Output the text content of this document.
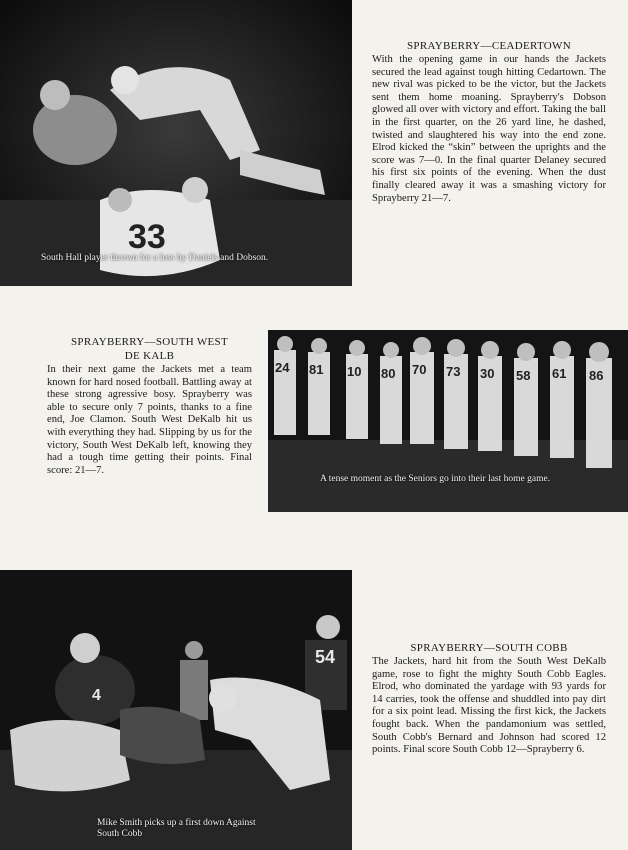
33
South Hall player thrown for a loss by Daniels and Dobson.
SPRAYBERRY—CEADERTOWN

With the opening game in our hands the Jackets secured the lead against tough hitting Cedartown. The new rival was picked to be the victor, but the Jackets sent them home moaning. Sprayberry's Dobson glowed all over with victory and effort. Taking the ball in the first quarter, on the 26 yard line, he dashed, twisted and slaughtered his way into the end zone. Elrod kicked the “skin” between the uprights and the score was 7—0. In the final quarter Delaney secured his first six points of the evening. When the dust finally cleared away it was a smashing victory for Sprayberry 21—7.

SPRAYBERRY—SOUTH WEST
DE KALB

In their next game the Jackets met a team known for hard nosed football. Battling away at these strong agressive bosy. Sprayberry was able to secure only 7 points, thanks to a fine end, Joe Clamon. South West DeKalb hit us with everything they had. Slipping by us for the victory, South West DeKalb left, knowing they had a tough time getting their points. Final score: 21—7.

24 81 10 80 70 73 30 58 61 86
A tense moment as the Seniors go into their last home game.
54
4
Mike Smith picks up a first down Against
South Cobb
SPRAYBERRY—SOUTH COBB

The Jackets, hard hit from the South West DeKalb game, rose to fight the mighty South Cobb Eagles. Elrod, who dominated the yardage with 93 yards for 14 carries, took the offense and shuddled into pay dirt for a six point lead. Missing the first kick, the Jackets fought back. When the pandamonium was settled, South Cobb's Bernard and Johnson had scored 12 points. Final score South Cobb 12—Sprayberry 6.
